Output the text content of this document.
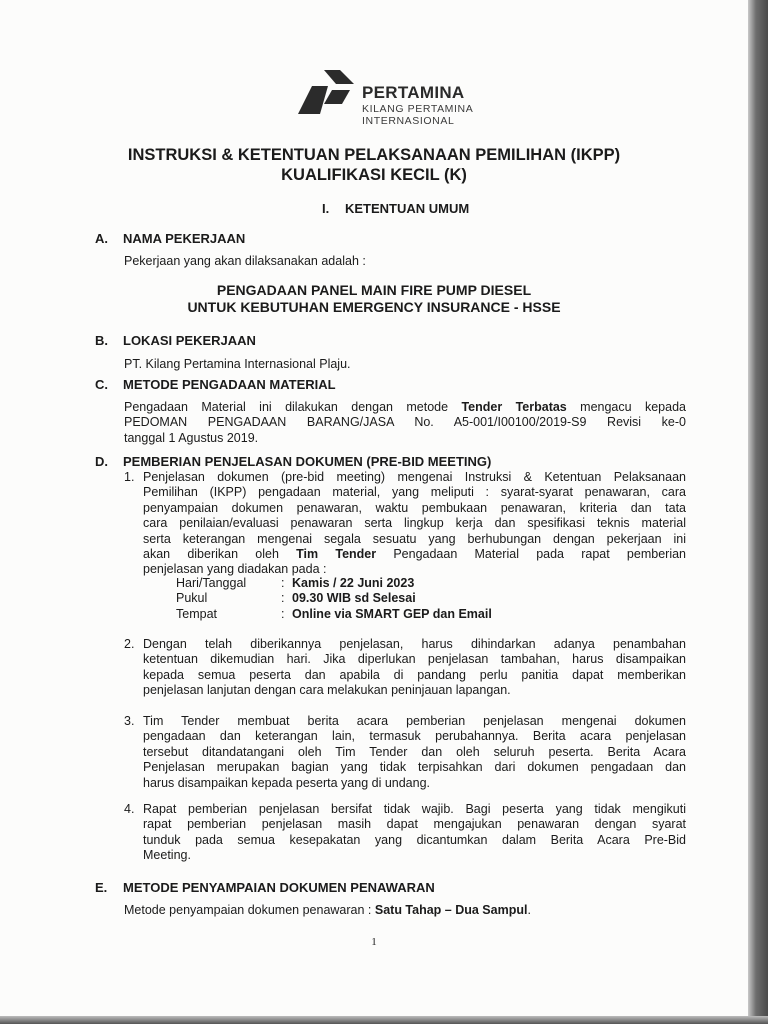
PERTAMINA
KILANG PERTAMINA
INTERNASIONAL
INSTRUKSI & KETENTUAN PELAKSANAAN PEMILIHAN (IKPP)
KUALIFIKASI KECIL (K)
I. KETENTUAN UMUM
A. NAMA PEKERJAAN
Pekerjaan yang akan dilaksanakan adalah :
PENGADAAN PANEL MAIN FIRE PUMP DIESEL
UNTUK KEBUTUHAN EMERGENCY INSURANCE - HSSE
B. LOKASI PEKERJAAN
PT. Kilang Pertamina Internasional Plaju.
C. METODE PENGADAAN MATERIAL
Pengadaan Material ini dilakukan dengan metode Tender Terbatas mengacu kepada
PEDOMAN PENGADAAN BARANG/JASA No. A5-001/I00100/2019-S9 Revisi ke-0
tanggal 1 Agustus 2019.
D. PEMBERIAN PENJELASAN DOKUMEN (PRE-BID MEETING)
1. Penjelasan dokumen (pre-bid meeting) mengenai Instruksi & Ketentuan Pelaksanaan
Pemilihan (IKPP) pengadaan material, yang meliputi : syarat-syarat penawaran, cara
penyampaian dokumen penawaran, waktu pembukaan penawaran, kriteria dan tata
cara penilaian/evaluasi penawaran serta lingkup kerja dan spesifikasi teknis material
serta keterangan mengenai segala sesuatu yang berhubungan dengan pekerjaan ini
akan diberikan oleh Tim Tender Pengadaan Material pada rapat pemberian
penjelasan yang diadakan pada :
Hari/Tanggal	: Kamis / 22 Juni 2023
Pukul	: 09.30 WIB sd Selesai
Tempat	: Online via SMART GEP dan Email
2. Dengan telah diberikannya penjelasan, harus dihindarkan adanya penambahan
ketentuan dikemudian hari. Jika diperlukan penjelasan tambahan, harus disampaikan
kepada semua peserta dan apabila di pandang perlu panitia dapat memberikan
penjelasan lanjutan dengan cara melakukan peninjauan lapangan.
3. Tim Tender membuat berita acara pemberian penjelasan mengenai dokumen
pengadaan dan keterangan lain, termasuk perubahannya. Berita acara penjelasan
tersebut ditandatangani oleh Tim Tender dan oleh seluruh peserta. Berita Acara
Penjelasan merupakan bagian yang tidak terpisahkan dari dokumen pengadaan dan
harus disampaikan kepada peserta yang di undang.
4. Rapat pemberian penjelasan bersifat tidak wajib. Bagi peserta yang tidak mengikuti
rapat pemberian penjelasan masih dapat mengajukan penawaran dengan syarat
tunduk pada semua kesepakatan yang dicantumkan dalam Berita Acara Pre-Bid
Meeting.
E. METODE PENYAMPAIAN DOKUMEN PENAWARAN
Metode penyampaian dokumen penawaran : Satu Tahap – Dua Sampul.
1
